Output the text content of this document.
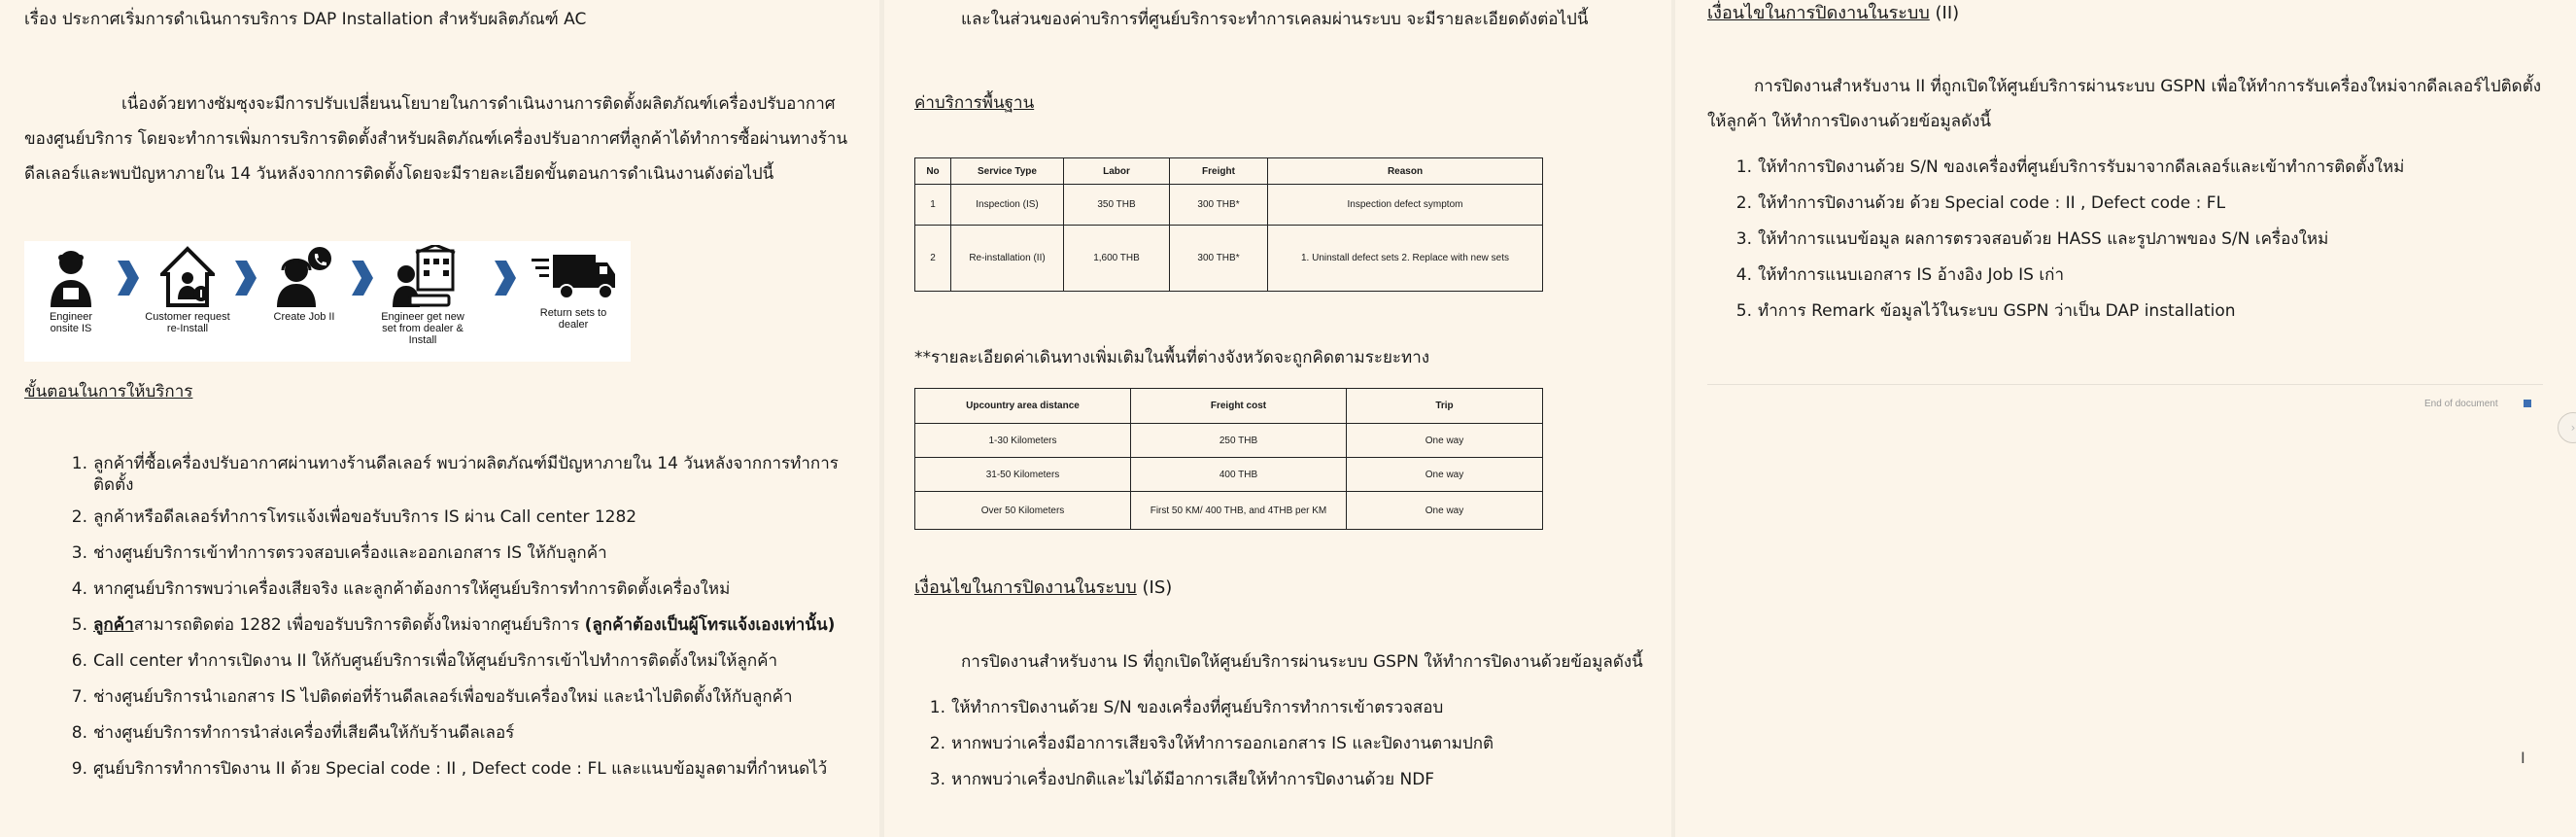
เรื่อง ประกาศเริ่มการดำเนินการบริการ DAP Installation สำหรับผลิตภัณฑ์ AC
เนื่องด้วยทางซัมซุงจะมีการปรับเปลี่ยนนโยบายในการดำเนินงานการติดตั้งผลิตภัณฑ์เครื่องปรับอากาศ
ของศูนย์บริการ โดยจะทำการเพิ่มการบริการติดตั้งสำหรับผลิตภัณฑ์เครื่องปรับอากาศที่ลูกค้าได้ทำการซื้อผ่านทางร้าน
ดีลเลอร์และพบปัญหาภายใน 14 วันหลังจากการติดตั้งโดยจะมีรายละเอียดขั้นตอนการดำเนินงานดังต่อไปนี้
Engineer
onsite IS
Customer request
re-Install
Create Job II	Engineer get new
set from dealer &
Install
Return sets to
dealer
ขั้นตอนในการให้บริการ
1. ลูกค้าที่ซื้อเครื่องปรับอากาศผ่านทางร้านดีลเลอร์ พบว่าผลิตภัณฑ์มีปัญหาภายใน 14 วันหลังจากการทำการ
ติดตั้ง
2. ลูกค้าหรือดีลเลอร์ทำการโทรแจ้งเพื่อขอรับบริการ IS ผ่าน Call center 1282
3. ช่างศูนย์บริการเข้าทำการตรวจสอบเครื่องและออกเอกสาร IS ให้กับลูกค้า
4. หากศูนย์บริการพบว่าเครื่องเสียจริง และลูกค้าต้องการให้ศูนย์บริการทำการติดตั้งเครื่องใหม่
5. ลูกค้าสามารถติดต่อ 1282 เพื่อขอรับบริการติดตั้งใหม่จากศูนย์บริการ (ลูกค้าต้องเป็นผู้โทรแจ้งเองเท่านั้น)
6. Call center ทำการเปิดงาน II ให้กับศูนย์บริการเพื่อให้ศูนย์บริการเข้าไปทำการติดตั้งใหม่ให้ลูกค้า
7. ช่างศูนย์บริการนำเอกสาร IS ไปติดต่อที่ร้านดีลเลอร์เพื่อขอรับเครื่องใหม่ และนำไปติดตั้งให้กับลูกค้า
8. ช่างศูนย์บริการทำการนำส่งเครื่องที่เสียคืนให้กับร้านดีลเลอร์
9. ศูนย์บริการทำการปิดงาน II ด้วย Special code : II , Defect code : FL และแนบข้อมูลตามที่กำหนดไว้
และในส่วนของค่าบริการที่ศูนย์บริการจะทำการเคลมผ่านระบบ จะมีรายละเอียดดังต่อไปนี้
ค่าบริการพื้นฐาน
No	Service Type	Labor	Freight	Reason
1	Inspection (IS)	350 THB	300 THB*	Inspection defect symptom
2	Re-installation (II)	1,600 THB	300 THB*	1. Uninstall defect sets 2. Replace with new sets
**รายละเอียดค่าเดินทางเพิ่มเติมในพื้นที่ต่างจังหวัดจะถูกคิดตามระยะทาง
Upcountry area distance	Freight cost	Trip
1-30 Kilometers	250 THB	One way
31-50 Kilometers	400 THB	One way
Over 50 Kilometers	First 50 KM/ 400 THB, and 4THB per KM	One way
เงื่อนไขในการปิดงานในระบบ (IS)
การปิดงานสำหรับงาน IS ที่ถูกเปิดให้ศูนย์บริการผ่านระบบ GSPN ให้ทำการปิดงานด้วยข้อมูลดังนี้
1. ให้ทำการปิดงานด้วย S/N ของเครื่องที่ศูนย์บริการทำการเข้าตรวจสอบ
2. หากพบว่าเครื่องมีอาการเสียจริงให้ทำการออกเอกสาร IS และปิดงานตามปกติ
3. หากพบว่าเครื่องปกติและไม่ได้มีอาการเสียให้ทำการปิดงานด้วย NDF
เงื่อนไขในการปิดงานในระบบ (II)
การปิดงานสำหรับงาน II ที่ถูกเปิดให้ศูนย์บริการผ่านระบบ GSPN เพื่อให้ทำการรับเครื่องใหม่จากดีลเลอร์ไปติดตั้ง
ให้ลูกค้า ให้ทำการปิดงานด้วยข้อมูลดังนี้
1. ให้ทำการปิดงานด้วย S/N ของเครื่องที่ศูนย์บริการรับมาจากดีลเลอร์และเข้าทำการติดตั้งใหม่
2. ให้ทำการปิดงานด้วย ด้วย Special code : II , Defect code : FL
3. ให้ทำการแนบข้อมูล ผลการตรวจสอบด้วย HASS และรูปภาพของ S/N เครื่องใหม่
4. ให้ทำการแนบเอกสาร IS อ้างอิง Job IS เก่า
5. ทำการ Remark ข้อมูลไว้ในระบบ GSPN ว่าเป็น DAP installation
End of document
I
›
